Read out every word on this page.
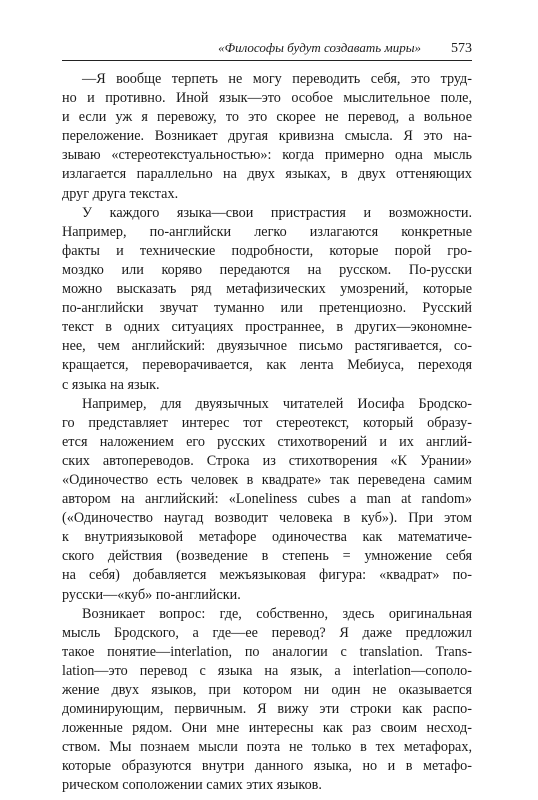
«Философы будут создавать миры» 573
—Я вообще терпеть не могу переводить себя, это труд-
но и противно. Иной язык—это особое мыслительное поле,
и если уж я перевожу, то это скорее не перевод, а вольное
переложение. Возникает другая кривизна смысла. Я это на-
зываю «стереотекстуальностью»: когда примерно одна мысль
излагается параллельно на двух языках, в двух оттеняющих
друг друга текстах.
У каждого языка—свои пристрастия и возможности.
Например, по-английски легко излагаются конкретные
факты и технические подробности, которые порой гро-
моздко или коряво передаются на русском. По-русски
можно высказать ряд метафизических умозрений, которые
по-английски звучат туманно или претенциозно. Русский
текст в одних ситуациях пространнее, в других—экономне-
нее, чем английский: двуязычное письмо растягивается, со-
кращается, переворачивается, как лента Мебиуса, переходя
с языка на язык.
Например, для двуязычных читателей Иосифа Бродско-
го представляет интерес тот стереотекст, который образу-
ется наложением его русских стихотворений и их англий-
ских автопереводов. Строка из стихотворения «К Урании»
«Одиночество есть человек в квадрате» так переведена самим
автором на английский: «Loneliness cubes a man at random»
(«Одиночество наугад возводит человека в куб»). При этом
к внутриязыковой метафоре одиночества как математиче-
ского действия (возведение в степень = умножение себя
на себя) добавляется межъязыковая фигура: «квадрат» по-
русски—«куб» по-английски.
Возникает вопрос: где, собственно, здесь оригинальная
мысль Бродского, а где—ее перевод? Я даже предложил
такое понятие—interlation, по аналогии с translation. Trans-
lation—это перевод с языка на язык, а interlation—сополо-
жение двух языков, при котором ни один не оказывается
доминирующим, первичным. Я вижу эти строки как распо-
ложенные рядом. Они мне интересны как раз своим несход-
ством. Мы познаем мысли поэта не только в тех метафорах,
которые образуются внутри данного языка, но и в метафо-
рическом соположении самих этих языков.
